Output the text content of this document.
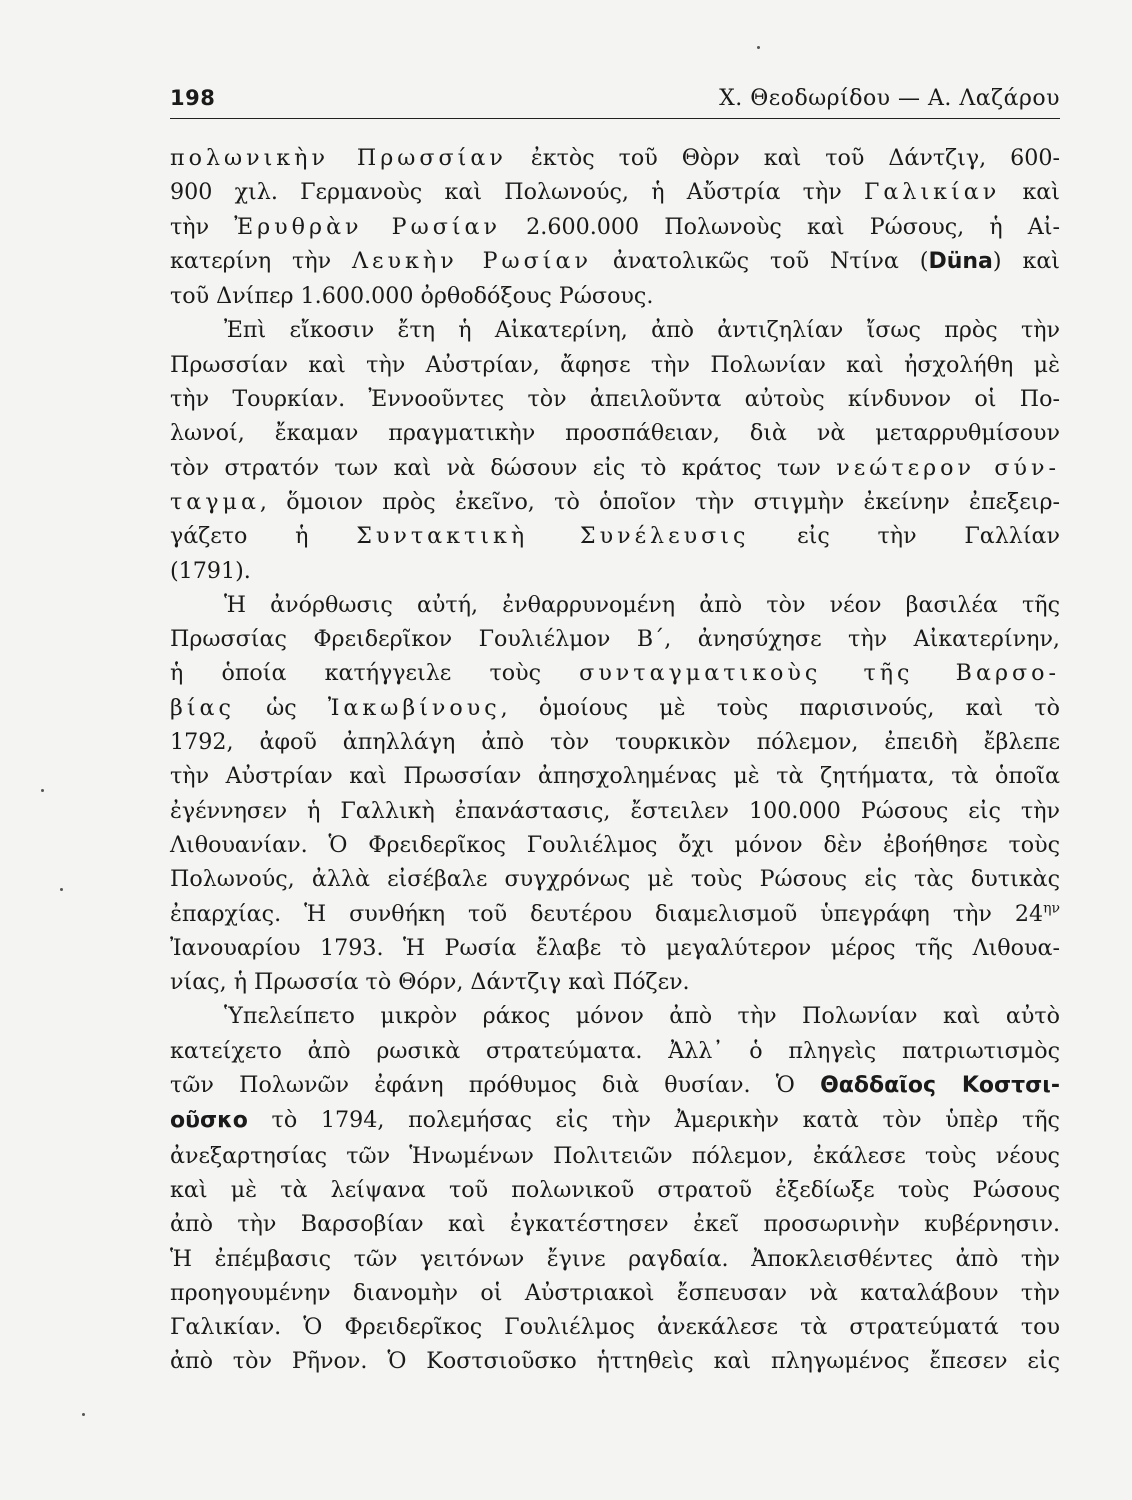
198	Χ. Θεοδωρίδου — Α. Λαζάρου

πολωνικὴν Πρωσσίαν ἐκτὸς τοῦ Θὸρν καὶ τοῦ Δάντζιγ, 600-

900 χιλ. Γερμανοὺς καὶ Πολωνούς, ἡ Αὔστρία τὴν Γαλικίαν καὶ

τὴν Ἐρυθρὰν Ρωσίαν 2.600.000 Πολωνοὺς καὶ Ρώσους, ἡ Αἰ-

κατερίνη τὴν Λευκὴν Ρωσίαν ἀνατολικῶς τοῦ Ντίνα (Düna) καὶ

τοῦ Δνίπερ 1.600.000 ὀρθοδόξους Ρώσους.

Ἐπὶ εἴκοσιν ἔτη ἡ Αἰκατερίνη, ἀπὸ ἀντιζηλίαν ἴσως πρὸς τὴν

Πρωσσίαν καὶ τὴν Αὐστρίαν, ἄφησε τὴν Πολωνίαν καὶ ἠσχολήθη μὲ

τὴν Τουρκίαν. Ἐννοοῦντες τὸν ἀπειλοῦντα αὐτοὺς κίνδυνον οἱ Πο-

λωνοί, ἔκαμαν πραγματικὴν προσπάθειαν, διὰ νὰ μεταρρυθμίσουν

τὸν στρατόν των καὶ νὰ δώσουν εἰς τὸ κράτος των νεώτερον σύν-

ταγμα, ὅμοιον πρὸς ἐκεῖνο, τὸ ὁποῖον τὴν στιγμὴν ἐκείνην ἐπεξειρ-

γάζετο ἡ Συντακτικὴ Συνέλευσις εἰς τὴν Γαλλίαν

(1791).

Ἡ ἀνόρθωσις αὐτή, ἐνθαρρυνομένη ἀπὸ τὸν νέον βασιλέα τῆς

Πρωσσίας Φρειδερῖκον Γουλιέλμον Β΄, ἀνησύχησε τὴν Αἰκατερίνην,

ἡ ὁποία κατήγγειλε τοὺς συνταγματικοὺς τῆς Βαρσο-

βίας ὡς Ἰακωβίνους, ὁμοίους μὲ τοὺς παρισινούς, καὶ τὸ

1792, ἀφοῦ ἀπηλλάγη ἀπὸ τὸν τουρκικὸν πόλεμον, ἐπειδὴ ἔβλεπε

τὴν Αὐστρίαν καὶ Πρωσσίαν ἀπησχολημένας μὲ τὰ ζητήματα, τὰ ὁποῖα

ἐγέννησεν ἡ Γαλλικὴ ἐπανάστασις, ἔστειλεν 100.000 Ρώσους εἰς τὴν

Λιθουανίαν. Ὁ Φρειδερῖκος Γουλιέλμος ὄχι μόνον δὲν ἐβοήθησε τοὺς

Πολωνούς, ἀλλὰ εἰσέβαλε συγχρόνως μὲ τοὺς Ρώσους εἰς τὰς δυτικὰς

ἐπαρχίας. Ἡ συνθήκη τοῦ δευτέρου διαμελισμοῦ ὑπεγράφη τὴν $24^{\eta\nu}$

Ἰανουαρίου 1793. Ἡ Ρωσία ἔλαβε τὸ μεγαλύτερον μέρος τῆς Λιθουα-

νίας, ἡ Πρωσσία τὸ Θόρν, Δάντζιγ καὶ Πόζεν.

Ὑπελείπετο μικρὸν ράκος μόνον ἀπὸ τὴν Πολωνίαν καὶ αὐτὸ

κατείχετο ἀπὸ ρωσικὰ στρατεύματα. Ἀλλ᾽ ὁ πληγεὶς πατριωτισμὸς

τῶν Πολωνῶν ἐφάνη πρόθυμος διὰ θυσίαν. Ὁ Θαδδαῖος Κοστσι-

οῦσκο τὸ 1794, πολεμήσας εἰς τὴν Ἀμερικὴν κατὰ τὸν ὑπὲρ τῆς

ἀνεξαρτησίας τῶν Ἡνωμένων Πολιτειῶν πόλεμον, ἐκάλεσε τοὺς νέους

καὶ μὲ τὰ λείψανα τοῦ πολωνικοῦ στρατοῦ ἐξεδίωξε τοὺς Ρώσους

ἀπὸ τὴν Βαρσοβίαν καὶ ἐγκατέστησεν ἐκεῖ προσωρινὴν κυβέρνησιν.

Ἡ ἐπέμβασις τῶν γειτόνων ἔγινε ραγδαία. Ἀποκλεισθέντες ἀπὸ τὴν

προηγουμένην διανομὴν οἱ Αὐστριακοὶ ἔσπευσαν νὰ καταλάβουν τὴν

Γαλικίαν. Ὁ Φρειδερῖκος Γουλιέλμος ἀνεκάλεσε τὰ στρατεύματά του

ἀπὸ τὸν Ρῆνον. Ὁ Κοστσιοῦσκο ἡττηθεὶς καὶ πληγωμένος ἔπεσεν εἰς
